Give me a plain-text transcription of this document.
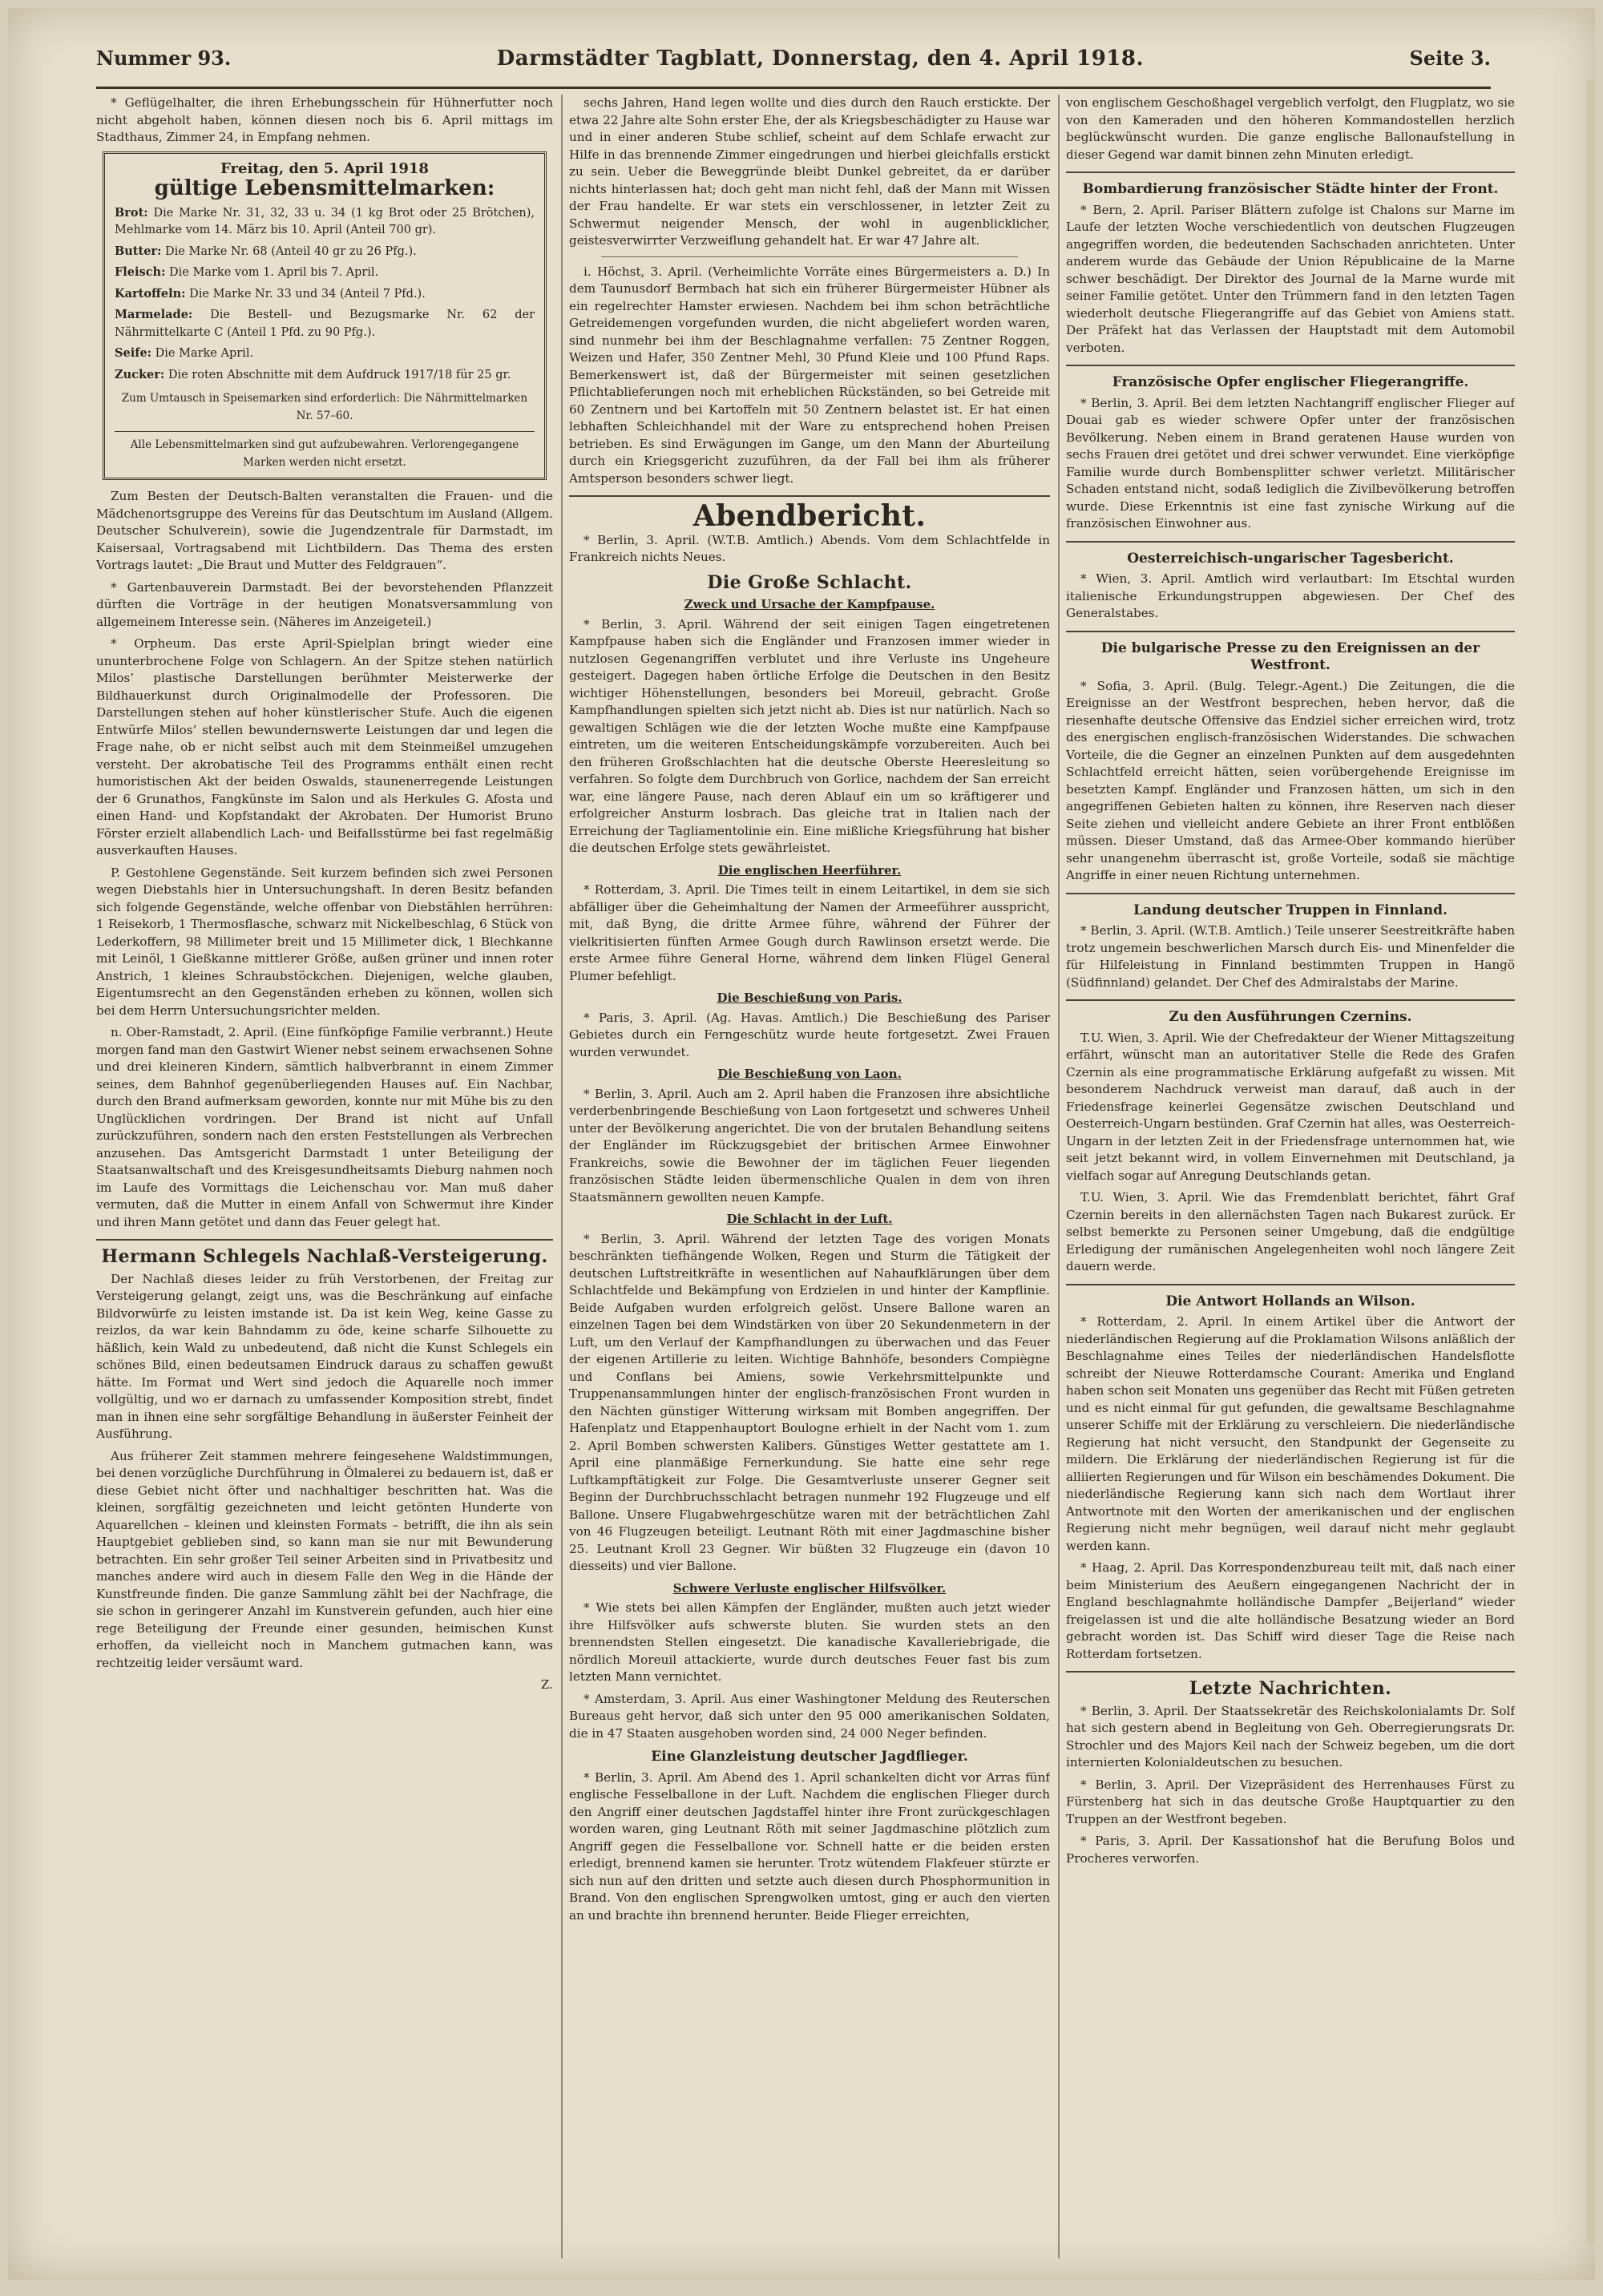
Nummer 93.	Darmstädter Tagblatt, Donnerstag, den 4. April 1918.	Seite 3.

* Geflügelhalter, die ihren Erhebungsschein für Hühnerfutter noch nicht abgeholt haben, können diesen noch bis 6. April mittags im Stadthaus, Zimmer 24, in Empfang nehmen.

Freitag, den 5. April 1918
gültige Lebensmittelmarken:

Brot: Die Marke Nr. 31, 32, 33 u. 34 (1 kg Brot oder 25 Brötchen), Mehlmarke vom 14. März bis 10. April (Anteil 700 gr).

Butter: Die Marke Nr. 68 (Anteil 40 gr zu 26 Pfg.).

Fleisch: Die Marke vom 1. April bis 7. April.

Kartoffeln: Die Marke Nr. 33 und 34 (Anteil 7 Pfd.).

Marmelade: Die Bestell- und Bezugsmarke Nr. 62 der Nährmittelkarte C (Anteil 1 Pfd. zu 90 Pfg.).

Seife: Die Marke April.

Zucker: Die roten Abschnitte mit dem Aufdruck 1917/18 für 25 gr.

Zum Umtausch in Speisemarken sind erforderlich: Die Nährmittelmarken Nr. 57–60.
Alle Lebensmittelmarken sind gut aufzubewahren. Verlorengegangene Marken werden nicht ersetzt.

Zum Besten der Deutsch-Balten veranstalten die Frauen- und die Mädchenortsgruppe des Vereins für das Deutschtum im Ausland (Allgem. Deutscher Schulverein), sowie die Jugendzentrale für Darmstadt, im Kaisersaal, Vortragsabend mit Lichtbildern. Das Thema des ersten Vortrags lautet: „Die Braut und Mutter des Feldgrauen“.

* Gartenbauverein Darmstadt. Bei der bevorstehenden Pflanzzeit dürften die Vorträge in der heutigen Monatsversammlung von allgemeinem Interesse sein. (Näheres im Anzeigeteil.)

* Orpheum. Das erste April-Spielplan bringt wieder eine ununterbrochene Folge von Schlagern. An der Spitze stehen natürlich Milos’ plastische Darstellungen berühmter Meisterwerke der Bildhauerkunst durch Originalmodelle der Professoren. Die Darstellungen stehen auf hoher künstlerischer Stufe. Auch die eigenen Entwürfe Milos’ stellen bewundernswerte Leistungen dar und legen die Frage nahe, ob er nicht selbst auch mit dem Steinmeißel umzugehen versteht. Der akrobatische Teil des Programms enthält einen recht humoristischen Akt der beiden Oswalds, staunenerregende Leistungen der 6 Grunathos, Fangkünste im Salon und als Herkules G. Afosta und einen Hand- und Kopfstandakt der Akrobaten. Der Humorist Bruno Förster erzielt allabendlich Lach- und Beifallsstürme bei fast regelmäßig ausverkauften Hauses.

P. Gestohlene Gegenstände. Seit kurzem befinden sich zwei Personen wegen Diebstahls hier in Untersuchungshaft. In deren Besitz befanden sich folgende Gegenstände, welche offenbar von Diebstählen herrühren: 1 Reisekorb, 1 Thermosflasche, schwarz mit Nickelbeschlag, 6 Stück von Lederkoffern, 98 Millimeter breit und 15 Millimeter dick, 1 Blechkanne mit Leinöl, 1 Gießkanne mittlerer Größe, außen grüner und innen roter Anstrich, 1 kleines Schraubstöckchen. Diejenigen, welche glauben, Eigentumsrecht an den Gegenständen erheben zu können, wollen sich bei dem Herrn Untersuchungsrichter melden.

n. Ober-Ramstadt, 2. April. (Eine fünfköpfige Familie verbrannt.) Heute morgen fand man den Gastwirt Wiener nebst seinem erwachsenen Sohne und drei kleineren Kindern, sämtlich halbverbrannt in einem Zimmer seines, dem Bahnhof gegenüberliegenden Hauses auf. Ein Nachbar, durch den Brand aufmerksam geworden, konnte nur mit Mühe bis zu den Unglücklichen vordringen. Der Brand ist nicht auf Unfall zurückzuführen, sondern nach den ersten Feststellungen als Verbrechen anzusehen. Das Amtsgericht Darmstadt 1 unter Beteiligung der Staatsanwaltschaft und des Kreisgesundheitsamts Dieburg nahmen noch im Laufe des Vormittags die Leichenschau vor. Man muß daher vermuten, daß die Mutter in einem Anfall von Schwermut ihre Kinder und ihren Mann getötet und dann das Feuer gelegt hat.

Hermann Schlegels Nachlaß-Versteigerung.

Der Nachlaß dieses leider zu früh Verstorbenen, der Freitag zur Versteigerung gelangt, zeigt uns, was die Beschränkung auf einfache Bildvorwürfe zu leisten imstande ist. Da ist kein Weg, keine Gasse zu reizlos, da war kein Bahndamm zu öde, keine scharfe Silhouette zu häßlich, kein Wald zu unbedeutend, daß nicht die Kunst Schlegels ein schönes Bild, einen bedeutsamen Eindruck daraus zu schaffen gewußt hätte. Im Format und Wert sind jedoch die Aquarelle noch immer vollgültig, und wo er darnach zu umfassender Komposition strebt, findet man in ihnen eine sehr sorgfältige Behandlung in äußerster Feinheit der Ausführung.

Aus früherer Zeit stammen mehrere feingesehene Waldstimmungen, bei denen vorzügliche Durchführung in Ölmalerei zu bedauern ist, daß er diese Gebiet nicht öfter und nachhaltiger beschritten hat. Was die kleinen, sorgfältig gezeichneten und leicht getönten Hunderte von Aquarellchen – kleinen und kleinsten Formats – betrifft, die ihn als sein Hauptgebiet geblieben sind, so kann man sie nur mit Bewunderung betrachten. Ein sehr großer Teil seiner Arbeiten sind in Privatbesitz und manches andere wird auch in diesem Falle den Weg in die Hände der Kunstfreunde finden. Die ganze Sammlung zählt bei der Nachfrage, die sie schon in geringerer Anzahl im Kunstverein gefunden, auch hier eine rege Beteiligung der Freunde einer gesunden, heimischen Kunst erhoffen, da vielleicht noch in Manchem gutmachen kann, was rechtzeitig leider versäumt ward.

Z.

sechs Jahren, Hand legen wollte und dies durch den Rauch erstickte. Der etwa 22 Jahre alte Sohn erster Ehe, der als Kriegsbeschädigter zu Hause war und in einer anderen Stube schlief, scheint auf dem Schlafe erwacht zur Hilfe in das brennende Zimmer eingedrungen und hierbei gleichfalls erstickt zu sein. Ueber die Beweggründe bleibt Dunkel gebreitet, da er darüber nichts hinterlassen hat; doch geht man nicht fehl, daß der Mann mit Wissen der Frau handelte. Er war stets ein verschlossener, in letzter Zeit zu Schwermut neigender Mensch, der wohl in augenblicklicher, geistesverwirrter Verzweiflung gehandelt hat. Er war 47 Jahre alt.

i. Höchst, 3. April. (Verheimlichte Vorräte eines Bürgermeisters a. D.) In dem Taunusdorf Bermbach hat sich ein früherer Bürgermeister Hübner als ein regelrechter Hamster erwiesen. Nachdem bei ihm schon beträchtliche Getreidemengen vorgefunden wurden, die nicht abgeliefert worden waren, sind nunmehr bei ihm der Beschlagnahme verfallen: 75 Zentner Roggen, Weizen und Hafer, 350 Zentner Mehl, 30 Pfund Kleie und 100 Pfund Raps. Bemerkenswert ist, daß der Bürgermeister mit seinen gesetzlichen Pflichtablieferungen noch mit erheblichen Rückständen, so bei Getreide mit 60 Zentnern und bei Kartoffeln mit 50 Zentnern belastet ist. Er hat einen lebhaften Schleichhandel mit der Ware zu entsprechend hohen Preisen betrieben. Es sind Erwägungen im Gange, um den Mann der Aburteilung durch ein Kriegsgericht zuzuführen, da der Fall bei ihm als früherer Amtsperson besonders schwer liegt.

Abendbericht.

* Berlin, 3. April. (W.T.B. Amtlich.) Abends. Vom dem Schlachtfelde in Frankreich nichts Neues.

Die Große Schlacht.
Zweck und Ursache der Kampfpause.

* Berlin, 3. April. Während der seit einigen Tagen eingetretenen Kampfpause haben sich die Engländer und Franzosen immer wieder in nutzlosen Gegenangriffen verblutet und ihre Verluste ins Ungeheure gesteigert. Dagegen haben örtliche Erfolge die Deutschen in den Besitz wichtiger Höhenstellungen, besonders bei Moreuil, gebracht. Große Kampfhandlungen spielten sich jetzt nicht ab. Dies ist nur natürlich. Nach so gewaltigen Schlägen wie die der letzten Woche mußte eine Kampfpause eintreten, um die weiteren Entscheidungskämpfe vorzubereiten. Auch bei den früheren Großschlachten hat die deutsche Oberste Heeresleitung so verfahren. So folgte dem Durchbruch von Gorlice, nachdem der San erreicht war, eine längere Pause, nach deren Ablauf ein um so kräftigerer und erfolgreicher Ansturm losbrach. Das gleiche trat in Italien nach der Erreichung der Tagliamentolinie ein. Eine mißliche Kriegsführung hat bisher die deutschen Erfolge stets gewährleistet.

Die englischen Heerführer.

* Rotterdam, 3. April. Die Times teilt in einem Leitartikel, in dem sie sich abfälliger über die Geheimhaltung der Namen der Armeeführer ausspricht, mit, daß Byng, die dritte Armee führe, während der Führer der vielkritisierten fünften Armee Gough durch Rawlinson ersetzt werde. Die erste Armee führe General Horne, während dem linken Flügel General Plumer befehligt.

Die Beschießung von Paris.

* Paris, 3. April. (Ag. Havas. Amtlich.) Die Beschießung des Pariser Gebietes durch ein Ferngeschütz wurde heute fortgesetzt. Zwei Frauen wurden verwundet.

Die Beschießung von Laon.

* Berlin, 3. April. Auch am 2. April haben die Franzosen ihre absichtliche verderbenbringende Beschießung von Laon fortgesetzt und schweres Unheil unter der Bevölkerung angerichtet. Die von der brutalen Behandlung seitens der Engländer im Rückzugsgebiet der britischen Armee Einwohner Frankreichs, sowie die Bewohner der im täglichen Feuer liegenden französischen Städte leiden übermenschliche Qualen in dem von ihren Staatsmännern gewollten neuen Kampfe.

Die Schlacht in der Luft.

* Berlin, 3. April. Während der letzten Tage des vorigen Monats beschränkten tiefhängende Wolken, Regen und Sturm die Tätigkeit der deutschen Luftstreitkräfte in wesentlichen auf Nahaufklärungen über dem Schlachtfelde und Bekämpfung von Erdzielen in und hinter der Kampflinie. Beide Aufgaben wurden erfolgreich gelöst. Unsere Ballone waren an einzelnen Tagen bei dem Windstärken von über 20 Sekundenmetern in der Luft, um den Verlauf der Kampfhandlungen zu überwachen und das Feuer der eigenen Artillerie zu leiten. Wichtige Bahnhöfe, besonders Compiègne und Conflans bei Amiens, sowie Verkehrsmittelpunkte und Truppenansammlungen hinter der englisch-französischen Front wurden in den Nächten günstiger Witterung wirksam mit Bomben angegriffen. Der Hafenplatz und Etappenhauptort Boulogne erhielt in der Nacht vom 1. zum 2. April Bomben schwersten Kalibers. Günstiges Wetter gestattete am 1. April eine planmäßige Fernerkundung. Sie hatte eine sehr rege Luftkampftätigkeit zur Folge. Die Gesamtverluste unserer Gegner seit Beginn der Durchbruchsschlacht betragen nunmehr 192 Flugzeuge und elf Ballone. Unsere Flugabwehrgeschütze waren mit der beträchtlichen Zahl von 46 Flugzeugen beteiligt. Leutnant Röth mit einer Jagdmaschine bisher 25. Leutnant Kroll 23 Gegner. Wir büßten 32 Flugzeuge ein (davon 10 diesseits) und vier Ballone.

Schwere Verluste englischer Hilfsvölker.

* Wie stets bei allen Kämpfen der Engländer, mußten auch jetzt wieder ihre Hilfsvölker aufs schwerste bluten. Sie wurden stets an den brennendsten Stellen eingesetzt. Die kanadische Kavalleriebrigade, die nördlich Moreuil attackierte, wurde durch deutsches Feuer fast bis zum letzten Mann vernichtet.

* Amsterdam, 3. April. Aus einer Washingtoner Meldung des Reuterschen Bureaus geht hervor, daß sich unter den 95 000 amerikanischen Soldaten, die in 47 Staaten ausgehoben worden sind, 24 000 Neger befinden.

Eine Glanzleistung deutscher Jagdflieger.

* Berlin, 3. April. Am Abend des 1. April schankelten dicht vor Arras fünf englische Fesselballone in der Luft. Nachdem die englischen Flieger durch den Angriff einer deutschen Jagdstaffel hinter ihre Front zurückgeschlagen worden waren, ging Leutnant Röth mit seiner Jagdmaschine plötzlich zum Angriff gegen die Fesselballone vor. Schnell hatte er die beiden ersten erledigt, brennend kamen sie herunter. Trotz wütendem Flakfeuer stürzte er sich nun auf den dritten und setzte auch diesen durch Phosphormunition in Brand. Von den englischen Sprengwolken umtost, ging er auch den vierten an und brachte ihn brennend herunter. Beide Flieger erreichten,

von englischem Geschoßhagel vergeblich verfolgt, den Flugplatz, wo sie von den Kameraden und den höheren Kommandostellen herzlich beglückwünscht wurden. Die ganze englische Ballonaufstellung in dieser Gegend war damit binnen zehn Minuten erledigt.

Bombardierung französischer Städte hinter der Front.

* Bern, 2. April. Pariser Blättern zufolge ist Chalons sur Marne im Laufe der letzten Woche verschiedentlich von deutschen Flugzeugen angegriffen worden, die bedeutenden Sachschaden anrichteten. Unter anderem wurde das Gebäude der Union Républicaine de la Marne schwer beschädigt. Der Direktor des Journal de la Marne wurde mit seiner Familie getötet. Unter den Trümmern fand in den letzten Tagen wiederholt deutsche Fliegerangriffe auf das Gebiet von Amiens statt. Der Präfekt hat das Verlassen der Hauptstadt mit dem Automobil verboten.

Französische Opfer englischer Fliegerangriffe.

* Berlin, 3. April. Bei dem letzten Nachtangriff englischer Flieger auf Douai gab es wieder schwere Opfer unter der französischen Bevölkerung. Neben einem in Brand geratenen Hause wurden von sechs Frauen drei getötet und drei schwer verwundet. Eine vierköpfige Familie wurde durch Bombensplitter schwer verletzt. Militärischer Schaden entstand nicht, sodaß lediglich die Zivilbevölkerung betroffen wurde. Diese Erkenntnis ist eine fast zynische Wirkung auf die französischen Einwohner aus.

Oesterreichisch-ungarischer Tagesbericht.

* Wien, 3. April. Amtlich wird verlautbart: Im Etschtal wurden italienische Erkundungstruppen abgewiesen. Der Chef des Generalstabes.

Die bulgarische Presse zu den Ereignissen an der Westfront.

* Sofia, 3. April. (Bulg. Telegr.-Agent.) Die Zeitungen, die die Ereignisse an der Westfront besprechen, heben hervor, daß die riesenhafte deutsche Offensive das Endziel sicher erreichen wird, trotz des energischen englisch-französischen Widerstandes. Die schwachen Vorteile, die die Gegner an einzelnen Punkten auf dem ausgedehnten Schlachtfeld erreicht hätten, seien vorübergehende Ereignisse im besetzten Kampf. Engländer und Franzosen hätten, um sich in den angegriffenen Gebieten halten zu können, ihre Reserven nach dieser Seite ziehen und vielleicht andere Gebiete an ihrer Front entblößen müssen. Dieser Umstand, daß das Armee-Ober kommando hierüber sehr unangenehm überrascht ist, große Vorteile, sodaß sie mächtige Angriffe in einer neuen Richtung unternehmen.

Landung deutscher Truppen in Finnland.

* Berlin, 3. April. (W.T.B. Amtlich.) Teile unserer Seestreitkräfte haben trotz ungemein beschwerlichen Marsch durch Eis- und Minenfelder die für Hilfeleistung in Finnland bestimmten Truppen in Hangö (Südfinnland) gelandet. Der Chef des Admiralstabs der Marine.

Zu den Ausführungen Czernins.

T.U. Wien, 3. April. Wie der Chefredakteur der Wiener Mittagszeitung erfährt, wünscht man an autoritativer Stelle die Rede des Grafen Czernin als eine programmatische Erklärung aufgefaßt zu wissen. Mit besonderem Nachdruck verweist man darauf, daß auch in der Friedensfrage keinerlei Gegensätze zwischen Deutschland und Oesterreich-Ungarn bestünden. Graf Czernin hat alles, was Oesterreich-Ungarn in der letzten Zeit in der Friedensfrage unternommen hat, wie seit jetzt bekannt wird, in vollem Einvernehmen mit Deutschland, ja vielfach sogar auf Anregung Deutschlands getan.

T.U. Wien, 3. April. Wie das Fremdenblatt berichtet, fährt Graf Czernin bereits in den allernächsten Tagen nach Bukarest zurück. Er selbst bemerkte zu Personen seiner Umgebung, daß die endgültige Erledigung der rumänischen Angelegenheiten wohl noch längere Zeit dauern werde.

Die Antwort Hollands an Wilson.

* Rotterdam, 2. April. In einem Artikel über die Antwort der niederländischen Regierung auf die Proklamation Wilsons anläßlich der Beschlagnahme eines Teiles der niederländischen Handelsflotte schreibt der Nieuwe Rotterdamsche Courant: Amerika und England haben schon seit Monaten uns gegenüber das Recht mit Füßen getreten und es nicht einmal für gut gefunden, die gewaltsame Beschlagnahme unserer Schiffe mit der Erklärung zu verschleiern. Die niederländische Regierung hat nicht versucht, den Standpunkt der Gegenseite zu mildern. Die Erklärung der niederländischen Regierung ist für die alliierten Regierungen und für Wilson ein beschämendes Dokument. Die niederländische Regierung kann sich nach dem Wortlaut ihrer Antwortnote mit den Worten der amerikanischen und der englischen Regierung nicht mehr begnügen, weil darauf nicht mehr geglaubt werden kann.

* Haag, 2. April. Das Korrespondenzbureau teilt mit, daß nach einer beim Ministerium des Aeußern eingegangenen Nachricht der in England beschlagnahmte holländische Dampfer „Beijerland“ wieder freigelassen ist und die alte holländische Besatzung wieder an Bord gebracht worden ist. Das Schiff wird dieser Tage die Reise nach Rotterdam fortsetzen.

Letzte Nachrichten.

* Berlin, 3. April. Der Staatssekretär des Reichskolonialamts Dr. Solf hat sich gestern abend in Begleitung von Geh. Oberregierungsrats Dr. Strochler und des Majors Keil nach der Schweiz begeben, um die dort internierten Kolonialdeutschen zu besuchen.

* Berlin, 3. April. Der Vizepräsident des Herrenhauses Fürst zu Fürstenberg hat sich in das deutsche Große Hauptquartier zu den Truppen an der Westfront begeben.

* Paris, 3. April. Der Kassationshof hat die Berufung Bolos und Procheres verworfen.
